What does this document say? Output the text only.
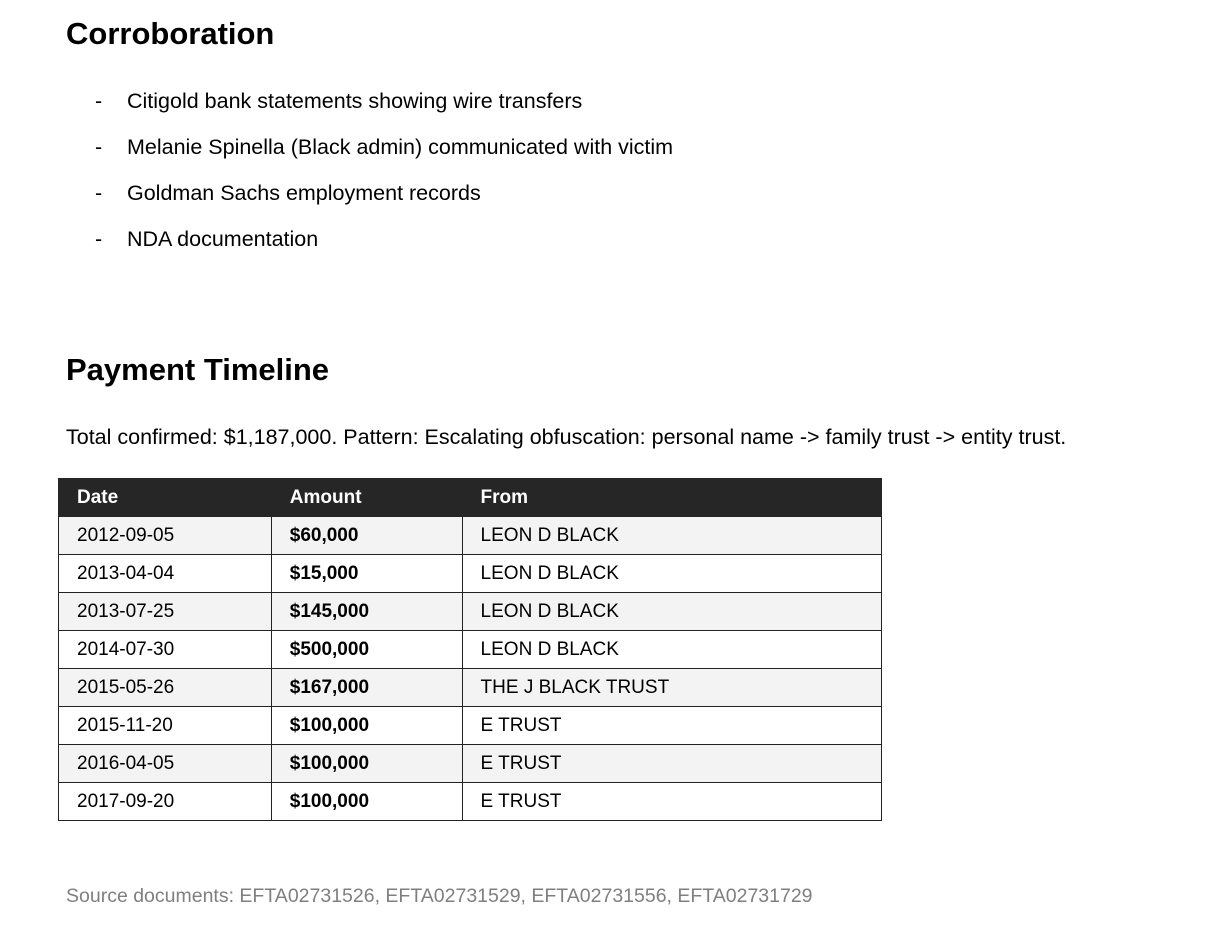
Corroboration
- Citigold bank statements showing wire transfers
- Melanie Spinella (Black admin) communicated with victim
- Goldman Sachs employment records
- NDA documentation
Payment Timeline

Total confirmed: $1,187,000. Pattern: Escalating obfuscation: personal name -> family trust -> entity trust.

Date	Amount	From
2012-09-05	$60,000	LEON D BLACK
2013-04-04	$15,000	LEON D BLACK
2013-07-25	$145,000	LEON D BLACK
2014-07-30	$500,000	LEON D BLACK
2015-05-26	$167,000	THE J BLACK TRUST
2015-11-20	$100,000	E TRUST
2016-04-05	$100,000	E TRUST
2017-09-20	$100,000	E TRUST

Source documents: EFTA02731526, EFTA02731529, EFTA02731556, EFTA02731729
